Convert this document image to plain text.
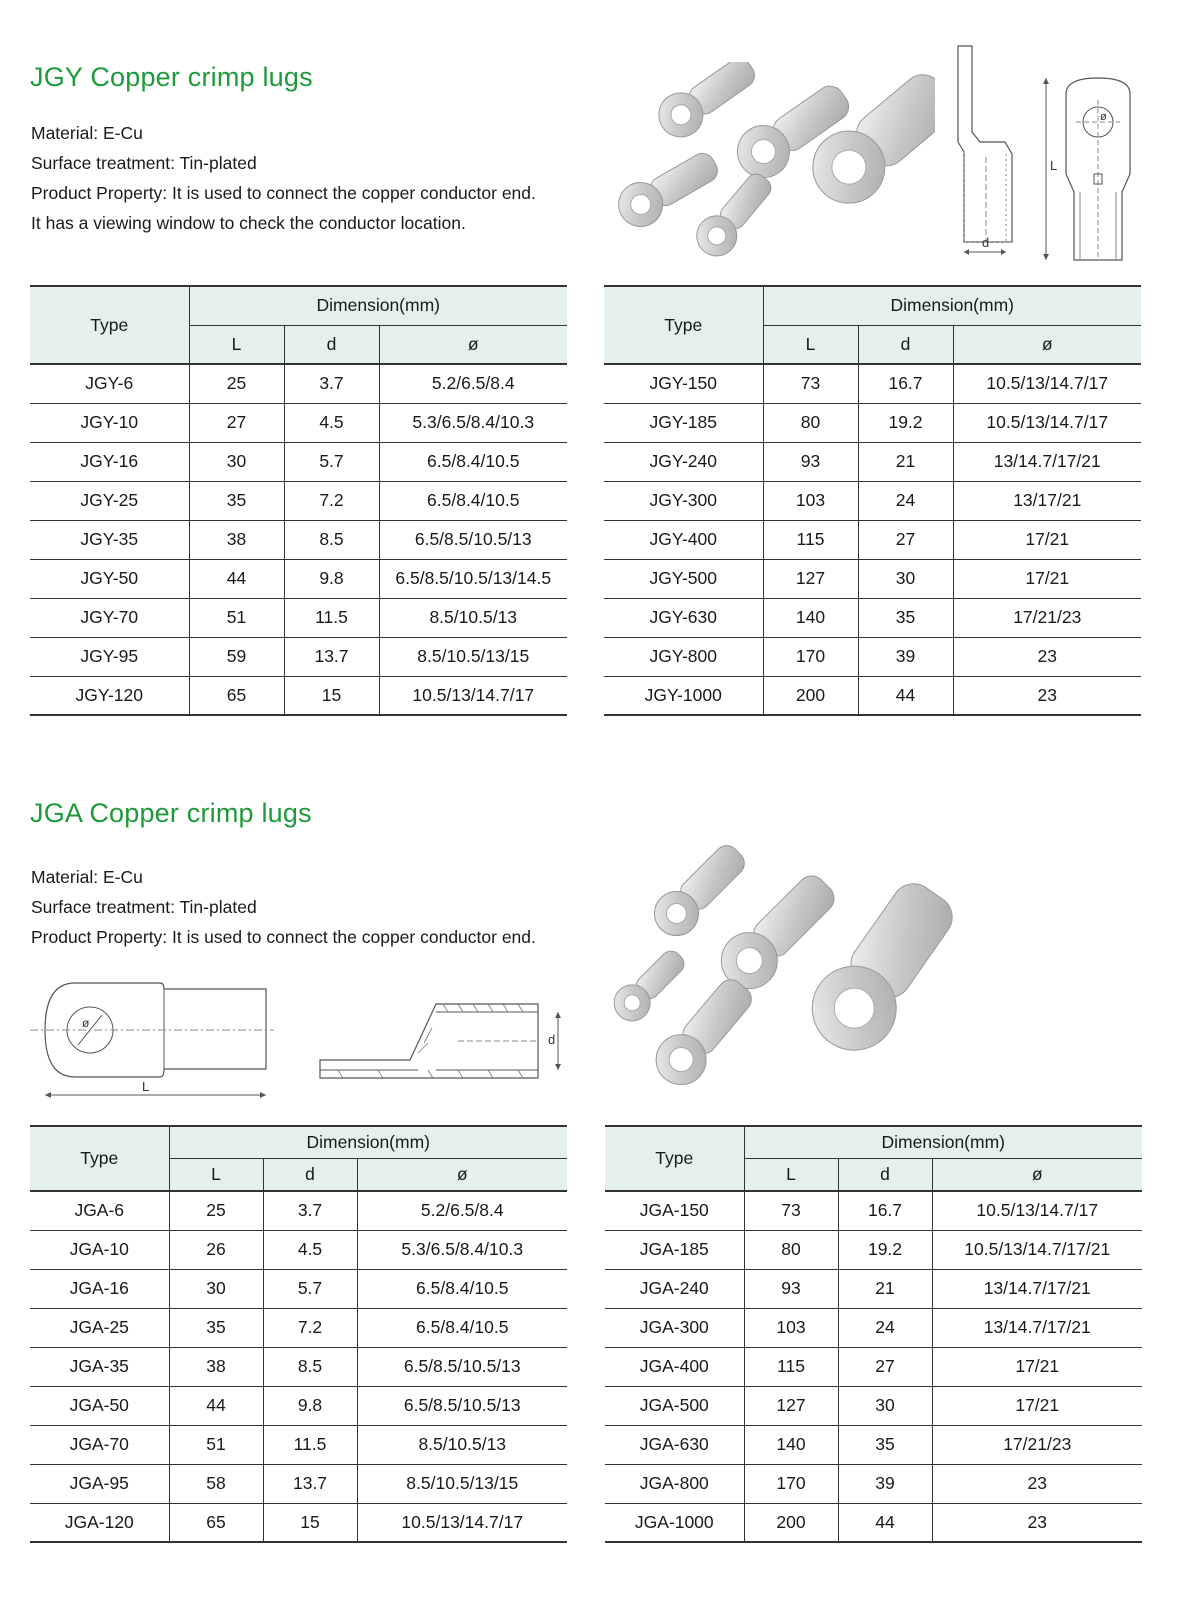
JGY Copper crimp lugs
Material: E-Cu
Surface treatment: Tin-plated
Product Property: It is used to connect the copper conductor end.
It has a viewing window to check the conductor location.
d
L
ø
Type	Dimension(mm)		
	L	d	ø
JGY-6	25	3.7	5.2/6.5/8.4
JGY-10	27	4.5	5.3/6.5/8.4/10.3
JGY-16	30	5.7	6.5/8.4/10.5
JGY-25	35	7.2	6.5/8.4/10.5
JGY-35	38	8.5	6.5/8.5/10.5/13
JGY-50	44	9.8	6.5/8.5/10.5/13/14.5
JGY-70	51	11.5	8.5/10.5/13
JGY-95	59	13.7	8.5/10.5/13/15
JGY-120	65	15	10.5/13/14.7/17
Type	Dimension(mm)		
	L	d	ø
JGY-150	73	16.7	10.5/13/14.7/17
JGY-185	80	19.2	10.5/13/14.7/17
JGY-240	93	21	13/14.7/17/21
JGY-300	103	24	13/17/21
JGY-400	115	27	17/21
JGY-500	127	30	17/21
JGY-630	140	35	17/21/23
JGY-800	170	39	23
JGY-1000	200	44	23
JGA Copper crimp lugs
Material: E-Cu
Surface treatment: Tin-plated
Product Property: It is used to connect the copper conductor end.
ø
L
d
Type	Dimension(mm)		
	L	d	ø
JGA-6	25	3.7	5.2/6.5/8.4
JGA-10	26	4.5	5.3/6.5/8.4/10.3
JGA-16	30	5.7	6.5/8.4/10.5
JGA-25	35	7.2	6.5/8.4/10.5
JGA-35	38	8.5	6.5/8.5/10.5/13
JGA-50	44	9.8	6.5/8.5/10.5/13
JGA-70	51	11.5	8.5/10.5/13
JGA-95	58	13.7	8.5/10.5/13/15
JGA-120	65	15	10.5/13/14.7/17
Type	Dimension(mm)		
	L	d	ø
JGA-150	73	16.7	10.5/13/14.7/17
JGA-185	80	19.2	10.5/13/14.7/17/21
JGA-240	93	21	13/14.7/17/21
JGA-300	103	24	13/14.7/17/21
JGA-400	115	27	17/21
JGA-500	127	30	17/21
JGA-630	140	35	17/21/23
JGA-800	170	39	23
JGA-1000	200	44	23
